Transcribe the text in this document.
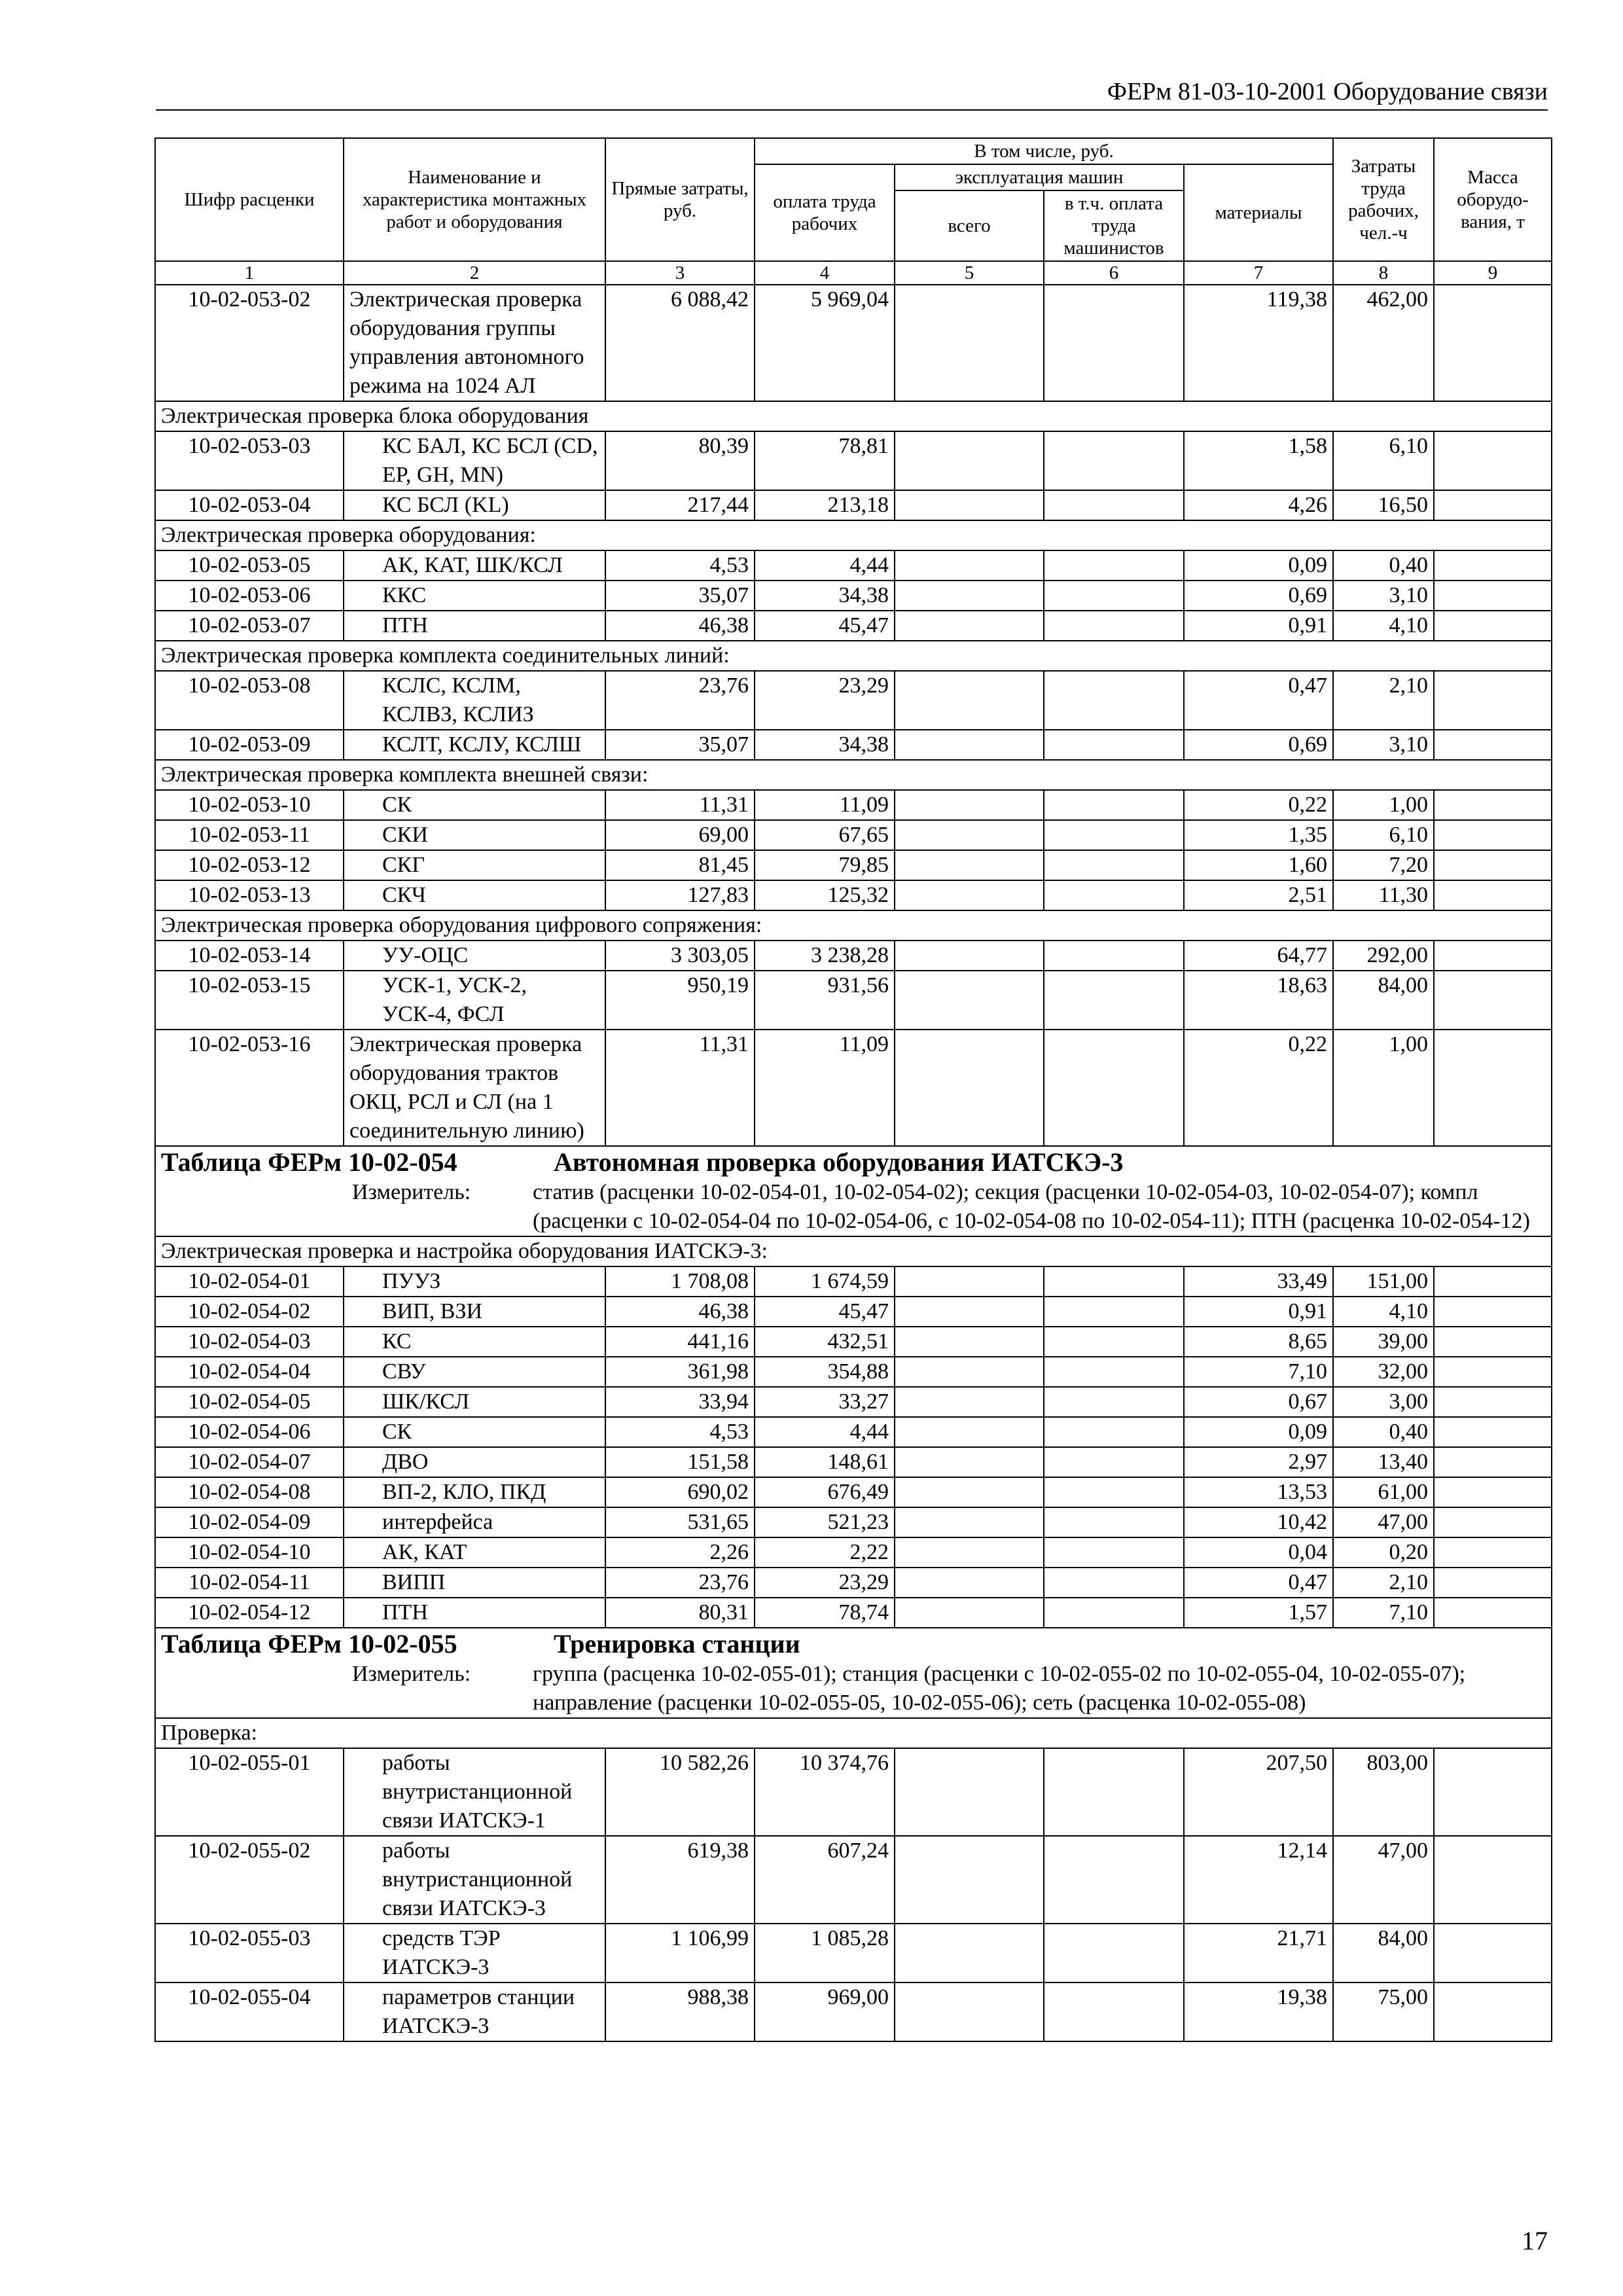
ФЕРм 81-03-10-2001 Оборудование связи
Шифр расценки	Наименование и характеристика монтажных работ и оборудования	Прямые затраты, руб.	В том числе, руб.				Затраты труда рабочих, чел.-ч	Масса оборудо-вания, т
			оплата труда рабочих	эксплуатация машин		материалы		
				всего	в т.ч. оплата труда машинистов			
1	2	3	4	5	6	7	8	9
10-02-053-02	Электрическая проверка оборудования группы управления автономного режима на 1024 АЛ	6 088,42	5 969,04			119,38	462,00	
Электрическая проверка блока оборудования								
10-02-053-03	КС БАЛ, КС БСЛ (CD, EP, GH, MN)	80,39	78,81			1,58	6,10	
10-02-053-04	КС БСЛ (KL)	217,44	213,18			4,26	16,50	
Электрическая проверка оборудования:								
10-02-053-05	АК, КАТ, ШК/КСЛ	4,53	4,44			0,09	0,40	
10-02-053-06	ККС	35,07	34,38			0,69	3,10	
10-02-053-07	ПТН	46,38	45,47			0,91	4,10	
Электрическая проверка комплекта соединительных линий:								
10-02-053-08	КСЛС, КСЛМ, КСЛВЗ, КСЛИЗ	23,76	23,29			0,47	2,10	
10-02-053-09	КСЛТ, КСЛУ, КСЛШ	35,07	34,38			0,69	3,10	
Электрическая проверка комплекта внешней связи:								
10-02-053-10	СК	11,31	11,09			0,22	1,00	
10-02-053-11	СКИ	69,00	67,65			1,35	6,10	
10-02-053-12	СКГ	81,45	79,85			1,60	7,20	
10-02-053-13	СКЧ	127,83	125,32			2,51	11,30	
Электрическая проверка оборудования цифрового сопряжения:								
10-02-053-14	УУ-ОЦС	3 303,05	3 238,28			64,77	292,00	
10-02-053-15	УСК-1, УСК-2, УСК-4, ФСЛ	950,19	931,56			18,63	84,00	
10-02-053-16	Электрическая проверка оборудования трактов ОКЦ, РСЛ и СЛ (на 1 соединительную линию)	11,31	11,09			0,22	1,00	

Таблица ФЕРм 10-02-054 Автономная проверка оборудования ИАТСКЭ-3
Измеритель: статив (расценки 10-02-054-01, 10-02-054-02); секция (расценки 10-02-054-03, 10-02-054-07); компл (расценки с 10-02-054-04 по 10-02-054-06, с 10-02-054-08 по 10-02-054-11); ПТН (расценка 10-02-054-12)								

Электрическая проверка и настройка оборудования ИАТСКЭ-3:								
10-02-054-01	ПУУЗ	1 708,08	1 674,59			33,49	151,00	
10-02-054-02	ВИП, ВЗИ	46,38	45,47			0,91	4,10	
10-02-054-03	КС	441,16	432,51			8,65	39,00	
10-02-054-04	СВУ	361,98	354,88			7,10	32,00	
10-02-054-05	ШК/КСЛ	33,94	33,27			0,67	3,00	
10-02-054-06	СК	4,53	4,44			0,09	0,40	
10-02-054-07	ДВО	151,58	148,61			2,97	13,40	
10-02-054-08	ВП-2, КЛО, ПКД	690,02	676,49			13,53	61,00	
10-02-054-09	интерфейса	531,65	521,23			10,42	47,00	
10-02-054-10	АК, КАТ	2,26	2,22			0,04	0,20	
10-02-054-11	ВИПП	23,76	23,29			0,47	2,10	
10-02-054-12	ПТН	80,31	78,74			1,57	7,10	

Таблица ФЕРм 10-02-055 Тренировка станции
Измеритель: группа (расценка 10-02-055-01); станция (расценки с 10-02-055-02 по 10-02-055-04, 10-02-055-07); направление (расценки 10-02-055-05, 10-02-055-06); сеть (расценка 10-02-055-08)								

Проверка:								
10-02-055-01	работы внутристанционной связи ИАТСКЭ-1	10 582,26	10 374,76			207,50	803,00	
10-02-055-02	работы внутристанционной связи ИАТСКЭ-3	619,38	607,24			12,14	47,00	
10-02-055-03	средств ТЭР ИАТСКЭ-3	1 106,99	1 085,28			21,71	84,00	
10-02-055-04	параметров станции ИАТСКЭ-3	988,38	969,00			19,38	75,00	
17
